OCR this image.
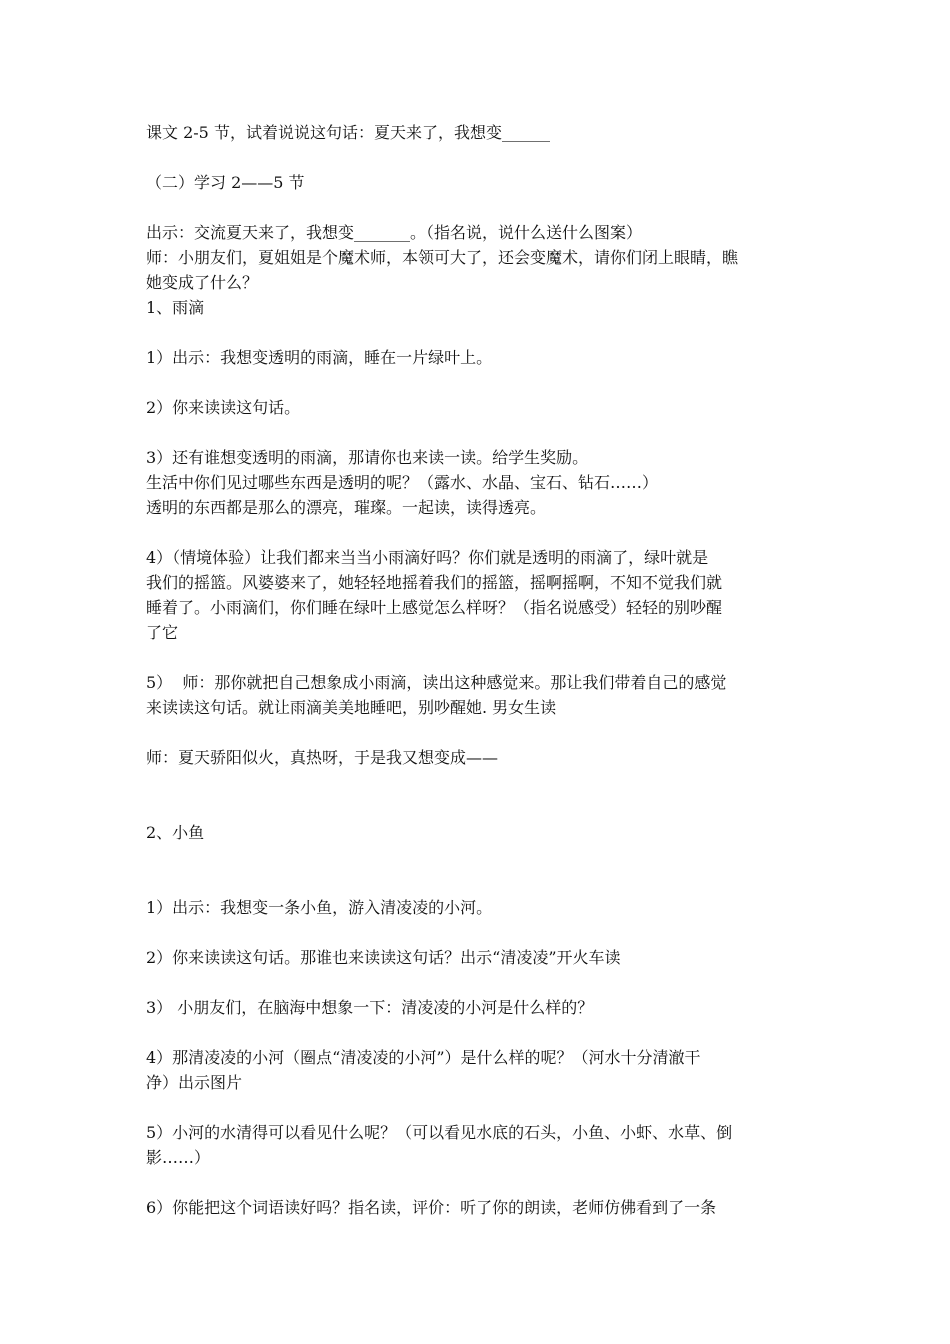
课文 2-5 节，试着说说这句话：夏天来了，我想变______
（二）学习 2——5 节
出示：交流夏天来了，我想变_______。（指名说，说什么送什么图案）
师：小朋友们，夏姐姐是个魔术师，本领可大了，还会变魔术，请你们闭上眼睛，瞧
她变成了什么？
1、雨滴
1）出示：我想变透明的雨滴，睡在一片绿叶上。
2）你来读读这句话。
3）还有谁想变透明的雨滴，那请你也来读一读。给学生奖励。
生活中你们见过哪些东西是透明的呢？（露水、水晶、宝石、钻石……）
透明的东西都是那么的漂亮，璀璨。一起读，读得透亮。
4）（情境体验）让我们都来当当小雨滴好吗？你们就是透明的雨滴了，绿叶就是
我们的摇篮。风婆婆来了，她轻轻地摇着我们的摇篮，摇啊摇啊，不知不觉我们就
睡着了。小雨滴们，你们睡在绿叶上感觉怎么样呀？（指名说感受）轻轻的别吵醒
了它
5）  师：那你就把自己想象成小雨滴，读出这种感觉来。那让我们带着自己的感觉
来读读这句话。就让雨滴美美地睡吧，别吵醒她. 男女生读
师：夏天骄阳似火，真热呀，于是我又想变成——
2、小鱼
1）出示：我想变一条小鱼，游入清凌凌的小河。
2）你来读读这句话。那谁也来读读这句话？出示“清凌凌”开火车读
3） 小朋友们，在脑海中想象一下：清凌凌的小河是什么样的？
4）那清凌凌的小河（圈点“清凌凌的小河”）是什么样的呢？（河水十分清澈干
净）出示图片
5）小河的水清得可以看见什么呢？（可以看见水底的石头，小鱼、小虾、水草、倒
影……）
6）你能把这个词语读好吗？指名读，评价：听了你的朗读，老师仿佛看到了一条
